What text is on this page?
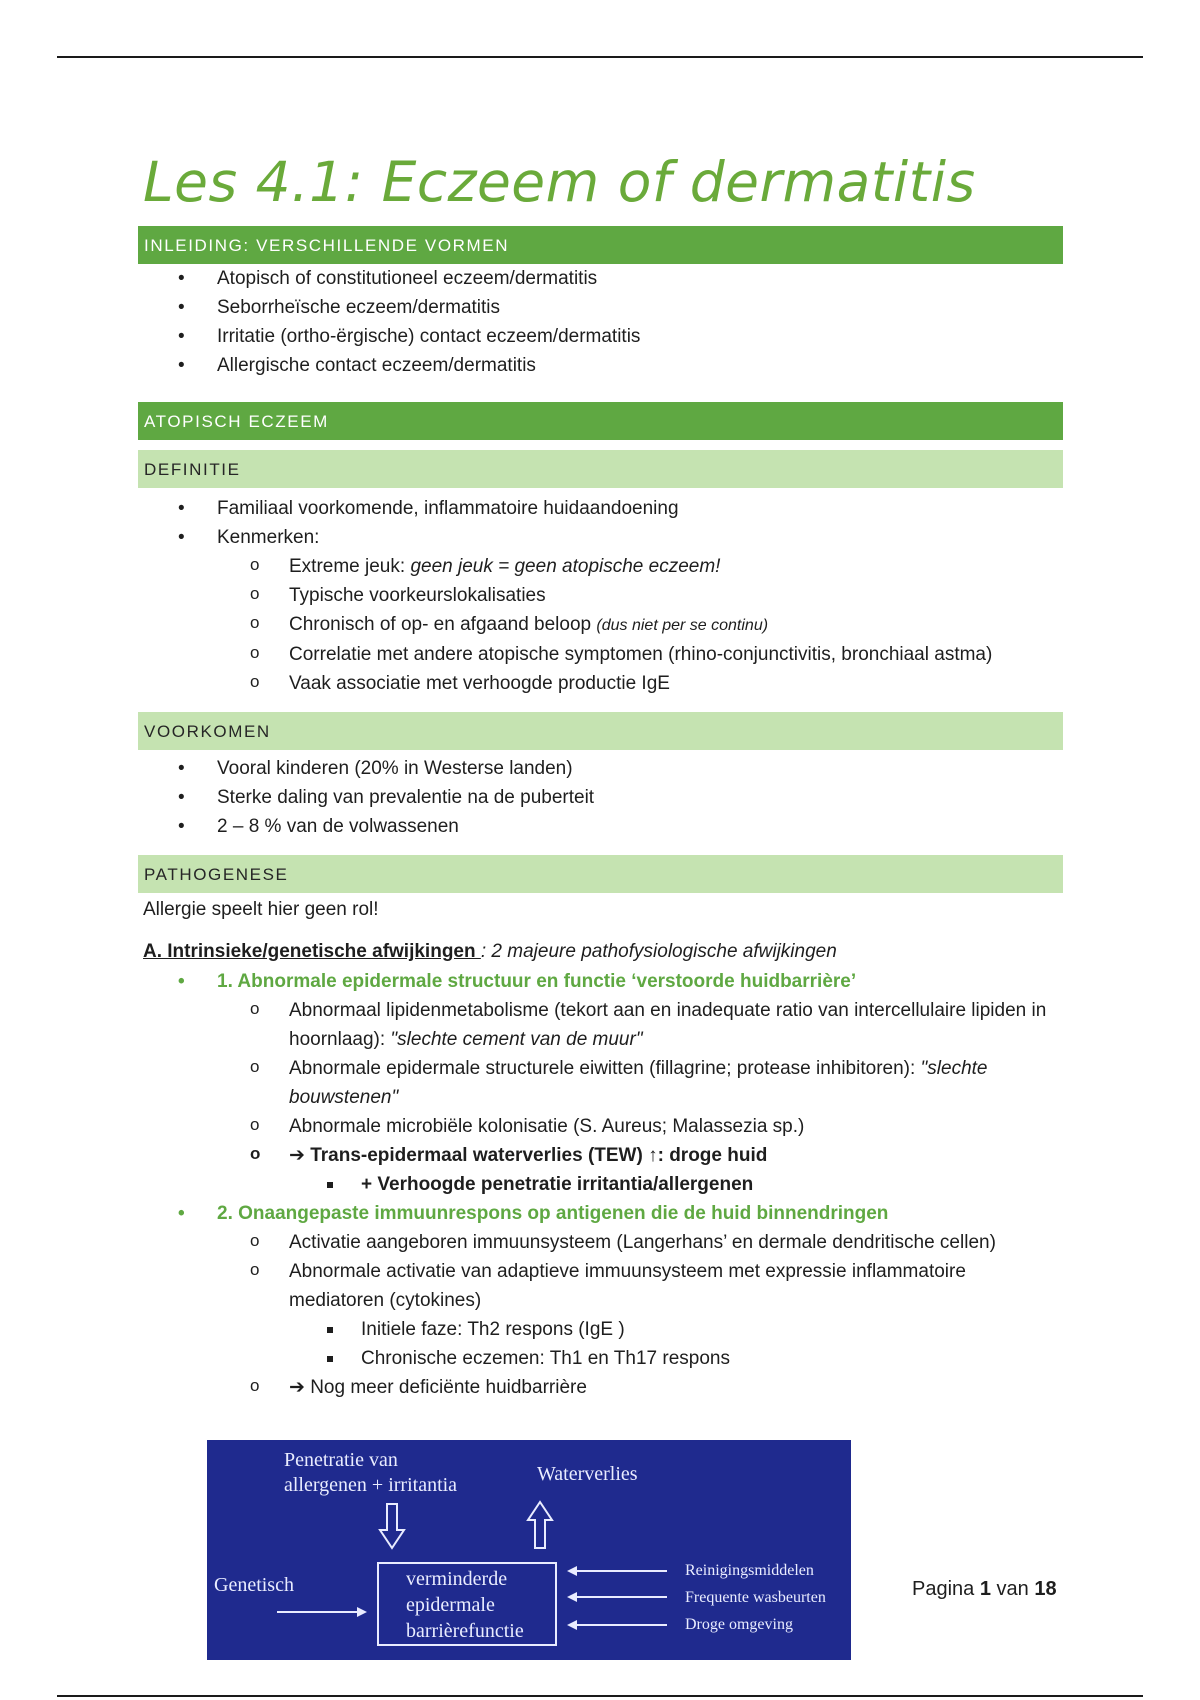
Les 4.1: Eczeem of dermatitis
INLEIDING: VERSCHILLENDE VORMEN
• Atopisch of constitutioneel eczeem/dermatitis
• Seborrheïsche eczeem/dermatitis
• Irritatie (ortho-ërgische) contact eczeem/dermatitis
• Allergische contact eczeem/dermatitis
ATOPISCH ECZEEM
DEFINITIE
• Familiaal voorkomende, inflammatoire huidaandoening
• Kenmerken:
o Extreme jeuk: geen jeuk = geen atopische eczeem!
o Typische voorkeurslokalisaties
o Chronisch of op- en afgaand beloop (dus niet per se continu)
o Correlatie met andere atopische symptomen (rhino-conjunctivitis, bronchiaal astma)
o Vaak associatie met verhoogde productie IgE
VOORKOMEN
• Vooral kinderen (20% in Westerse landen)
• Sterke daling van prevalentie na de puberteit
• 2 – 8 % van de volwassenen
PATHOGENESE
Allergie speelt hier geen rol!
A. Intrinsieke/genetische afwijkingen : 2 majeure pathofysiologische afwijkingen
• 1. Abnormale epidermale structuur en functie ‘verstoorde huidbarrière’
o Abnormaal lipidenmetabolisme (tekort aan en inadequate ratio van intercellulaire lipiden in hoornlaag): "slechte cement van de muur"
o Abnormale epidermale structurele eiwitten (fillagrine; protease inhibitoren): "slechte bouwstenen"
o Abnormale microbiële kolonisatie (S. Aureus; Malassezia sp.)
o ➔ Trans-epidermaal waterverlies (TEW) ↑: droge huid
+ Verhoogde penetratie irritantia/allergenen
• 2. Onaangepaste immuunrespons op antigenen die de huid binnendringen
o Activatie aangeboren immuunsysteem (Langerhans’ en dermale dendritische cellen)
o Abnormale activatie van adaptieve immuunsysteem met expressie inflammatoire mediatoren (cytokines)
Initiele faze: Th2 respons (IgE )
Chronische eczemen: Th1 en Th17 respons
o ➔ Nog meer deficiënte huidbarrière
Penetratie van
allergenen + irritantia	Waterverlies
Genetisch	verminderde
epidermale
barrièrefunctie
Reinigingsmiddelen
Frequente wasbeurten
Droge omgeving
Pagina 1 van 18
